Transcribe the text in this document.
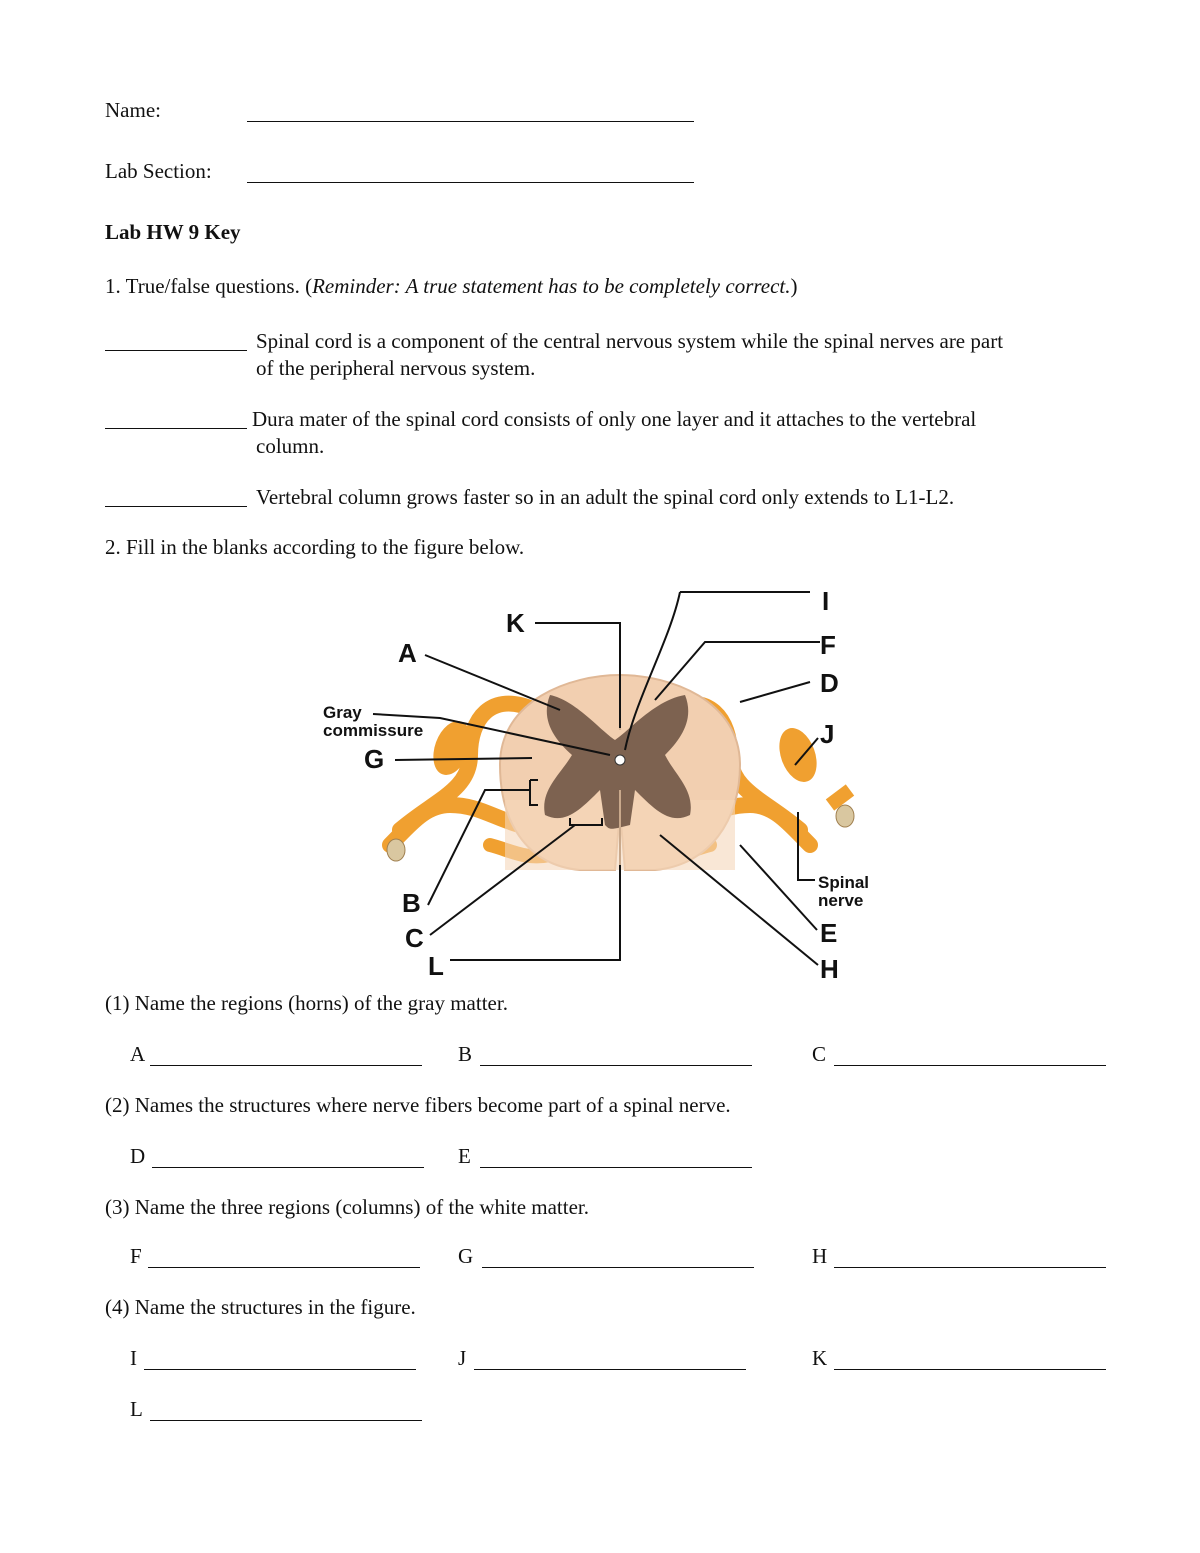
Name:
Lab Section:
Lab HW 9 Key
1. True/false questions. (Reminder: A true statement has to be completely correct.)
Spinal cord is a component of the central nervous system while the spinal nerves are part
of the peripheral nervous system.
Dura mater of the spinal cord consists of only one layer and it attaches to the vertebral
column.
Vertebral column grows faster so in an adult the spinal cord only extends to L1-L2.
2. Fill in the blanks according to the figure below.
K
A
I
F
D
J
Gray
commissure
G
B
C
L
Spinal
nerve
E
H
(1) Name the regions (horns) of the gray matter.
A	B	C
(2) Names the structures where nerve fibers become part of a spinal nerve.
D	E
(3) Name the three regions (columns) of the white matter.
F	G	H
(4) Name the structures in the figure.
I	J	K
L
